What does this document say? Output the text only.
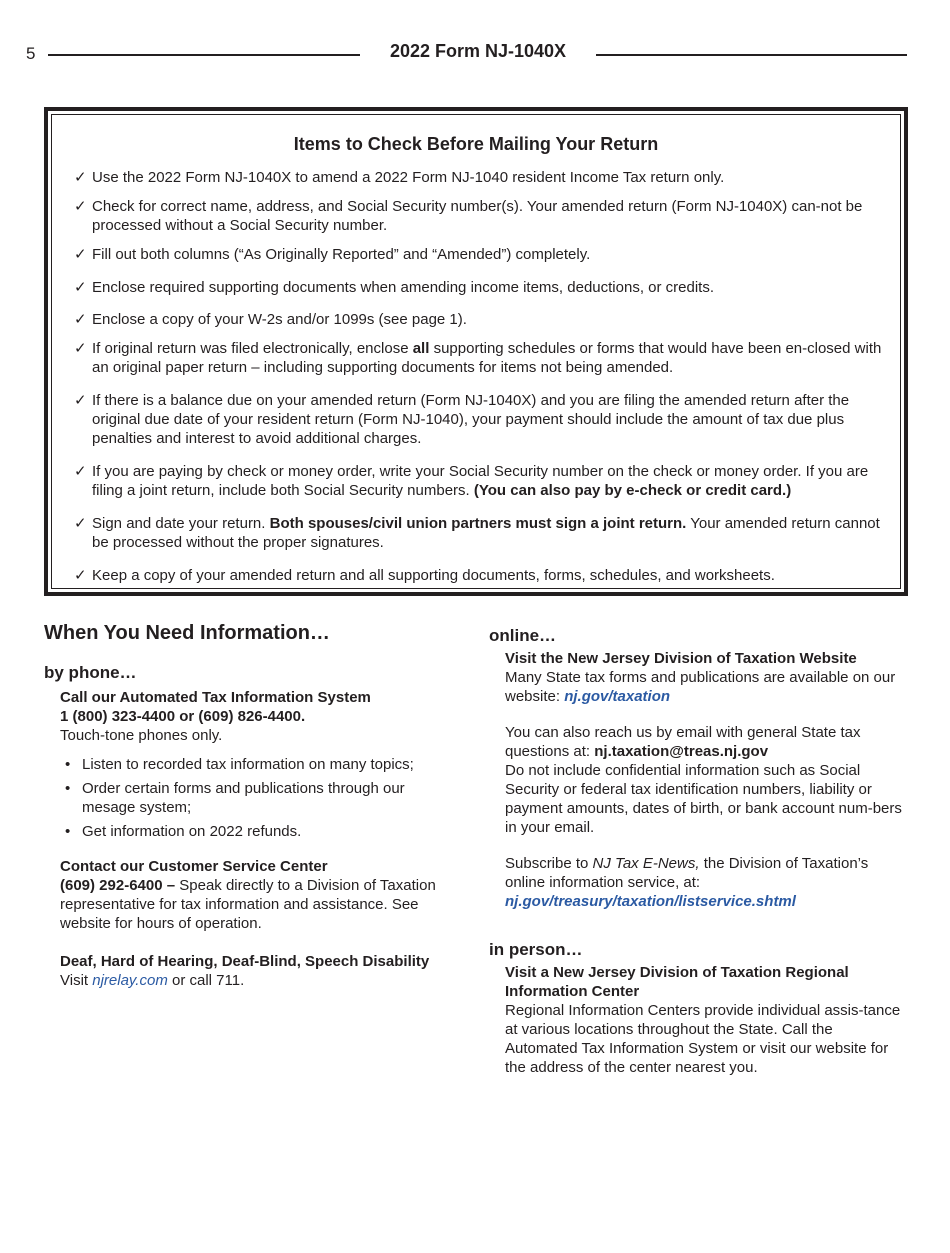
5	2022 Form NJ-1040X
Items to Check Before Mailing Your Return
✓ Use the 2022 Form NJ-1040X to amend a 2022 Form NJ-1040 resident Income Tax return only.
✓ Check for correct name, address, and Social Security number(s). Your amended return (Form NJ-1040X) can-not be processed without a Social Security number.
✓ Fill out both columns (“As Originally Reported” and “Amended”) completely.
✓ Enclose required supporting documents when amending income items, deductions, or credits.
✓ Enclose a copy of your W-2s and/or 1099s (see page 1).
✓ If original return was filed electronically, enclose all supporting schedules or forms that would have been en-closed with an original paper return – including supporting documents for items not being amended.
✓ If there is a balance due on your amended return (Form NJ-1040X) and you are filing the amended return after the original due date of your resident return (Form NJ-1040), your payment should include the amount of tax due plus penalties and interest to avoid additional charges.
✓ If you are paying by check or money order, write your Social Security number on the check or money order. If you are filing a joint return, include both Social Security numbers. (You can also pay by e-check or credit card.)
✓ Sign and date your return. Both spouses/civil union partners must sign a joint return. Your amended return cannot be processed without the proper signatures.
✓ Keep a copy of your amended return and all supporting documents, forms, schedules, and worksheets.
When You Need Information…
by phone…
Call our Automated Tax Information System
1 (800) 323-4400 or (609) 826-4400.
Touch-tone phones only.
• Listen to recorded tax information on many topics;
• Order certain forms and publications through our mesage system;
• Get information on 2022 refunds.
Contact our Customer Service Center
(609) 292-6400 – Speak directly to a Division of Taxation representative for tax information and assistance. See website for hours of operation.
Deaf, Hard of Hearing, Deaf-Blind, Speech Disability
Visit njrelay.com or call 711.
online…
Visit the New Jersey Division of Taxation Website
Many State tax forms and publications are available on our website: nj.gov/taxation
You can also reach us by email with general State tax questions at: nj.taxation@treas.nj.gov
Do not include confidential information such as Social Security or federal tax identification numbers, liability or payment amounts, dates of birth, or bank account num-bers in your email.
Subscribe to NJ Tax E-News, the Division of Taxation’s online information service, at:
nj.gov/treasury/taxation/listservice.shtml
in person…
Visit a New Jersey Division of Taxation Regional Information Center
Regional Information Centers provide individual assis-tance at various locations throughout the State. Call the Automated Tax Information System or visit our website for the address of the center nearest you.
